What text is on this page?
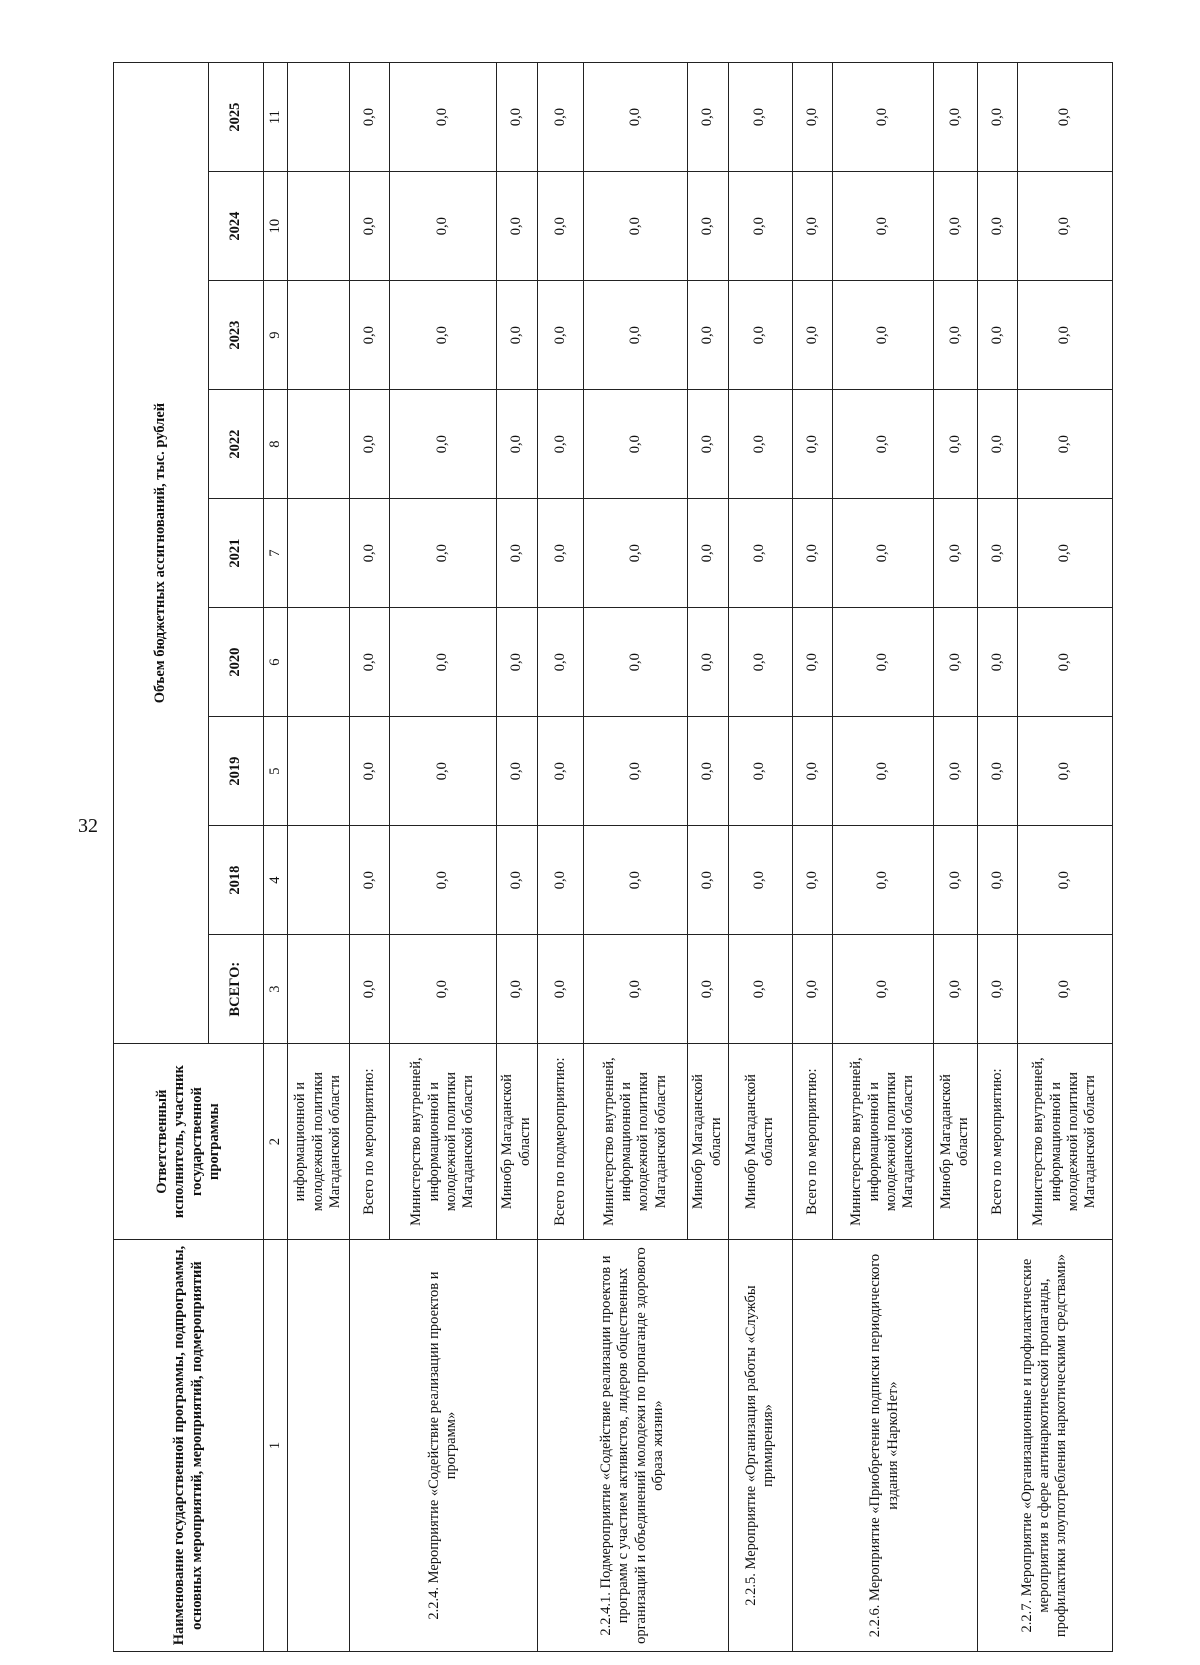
32
Наименование государственной программы, подпрограммы, основных мероприятий, мероприятий, подмероприятий	Ответственный исполнитель, участник государственной программы	Объем бюджетных ассигнований, тыс. рублей								
		ВСЕГО:	2018	2019	2020	2021	2022	2023	2024	2025
1	2	3	4	5	6	7	8	9	10	11
	информационной и молодежной политики Магаданской области									
2.2.4. Мероприятие «Содействие реализации проектов и программ»	Всего по мероприятию:	0,0	0,0	0,0	0,0	0,0	0,0	0,0	0,0	0,0
	Министерство внутренней, информационной и молодежной политики Магаданской области	0,0	0,0	0,0	0,0	0,0	0,0	0,0	0,0	0,0
	Минобр Магаданской области	0,0	0,0	0,0	0,0	0,0	0,0	0,0	0,0	0,0
2.2.4.1. Подмероприятие «Содействие реализации проектов и программ с участием активистов, лидеров общественных организаций и объединений молодежи по пропаганде здорового образа жизни»	Всего по подмероприятию:	0,0	0,0	0,0	0,0	0,0	0,0	0,0	0,0	0,0
	Министерство внутренней, информационной и молодежной политики Магаданской области	0,0	0,0	0,0	0,0	0,0	0,0	0,0	0,0	0,0
	Минобр Магаданской области	0,0	0,0	0,0	0,0	0,0	0,0	0,0	0,0	0,0
2.2.5. Мероприятие «Организация работы «Службы примирения»	Минобр Магаданской области	0,0	0,0	0,0	0,0	0,0	0,0	0,0	0,0	0,0
2.2.6. Мероприятие «Приобретение подписки периодического издания «НаркоНет»	Всего по мероприятию:	0,0	0,0	0,0	0,0	0,0	0,0	0,0	0,0	0,0
	Министерство внутренней, информационной и молодежной политики Магаданской области	0,0	0,0	0,0	0,0	0,0	0,0	0,0	0,0	0,0
	Минобр Магаданской области	0,0	0,0	0,0	0,0	0,0	0,0	0,0	0,0	0,0
2.2.7. Мероприятие «Организационные и профилактические мероприятия в сфере антинаркотической пропаганды, профилактики злоупотребления наркотическими средствами»	Всего по мероприятию:	0,0	0,0	0,0	0,0	0,0	0,0	0,0	0,0	0,0
	Министерство внутренней, информационной и молодежной политики Магаданской области	0,0	0,0	0,0	0,0	0,0	0,0	0,0	0,0	0,0
